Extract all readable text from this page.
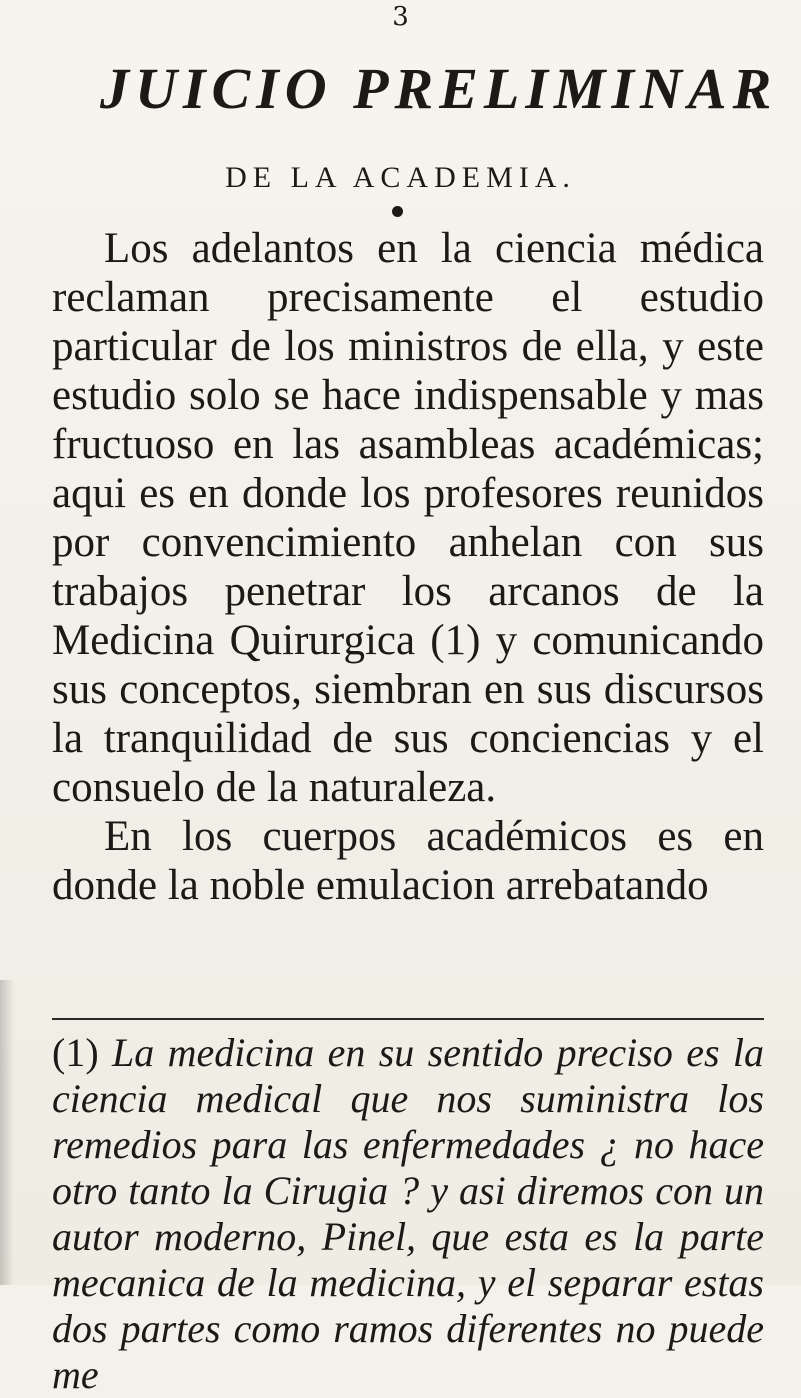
3
JUICIO PRELIMINAR
DE LA ACADEMIA.

Los adelantos en la ciencia médica reclaman precisamente el estudio particular de los ministros de ella, y este estudio solo se hace indispensable y mas fructuoso en las asambleas académicas; aqui es en donde los profesores reunidos por convencimiento anhelan con sus trabajos penetrar los arcanos de la Medicina Quirurgica (1) y comunicando sus conceptos, siembran en sus discursos la tranquilidad de sus conciencias y el consuelo de la naturaleza.

En los cuerpos académicos es en donde la noble emulacion arrebatando

(1) La medicina en su sentido preciso es la ciencia medical que nos suministra los remedios para las enfermedades ¿ no hace otro tanto la Cirugia ? y asi diremos con un autor moderno, Pinel, que esta es la parte mecanica de la medicina, y el separar estas dos partes como ramos diferentes no puede me
